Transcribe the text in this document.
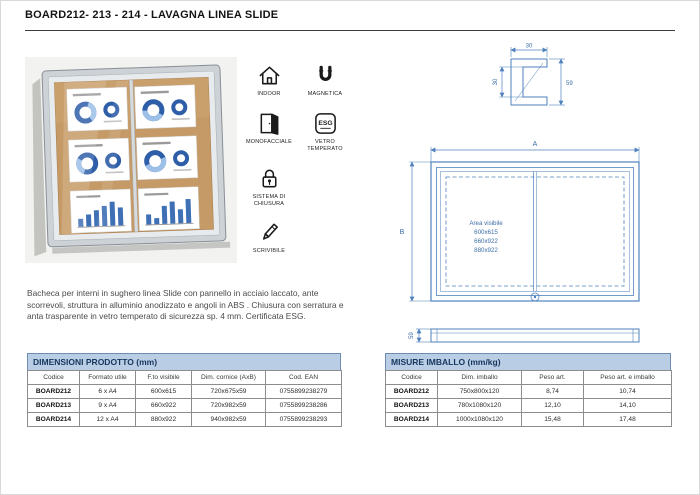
BOARD212- 213 - 214 - LAVAGNA LINEA SLIDE
INDOOR	MAGNETICA
MONOFACCIALE
ESG
VETRO TEMPERATO
SISTEMA DI CHIUSURA
SCRIVIBILE
30
59
30
A
Area visibile
600x615
660x922
880x922
B
59
Bacheca per interni in sughero linea Slide con pannello in acciaio laccato, ante scorrevoli, struttura in alluminio anodizzato e angoli in ABS . Chiusura con serratura e anta trasparente in vetro temperato di sicurezza sp. 4 mm. Certificata ESG.
DIMENSIONI PRODOTTO (mm)
Codice	Formato utile	F.to visibile	Dim. cornice (AxB)	Cod. EAN
BOARD212	6 x A4	600x615	720x675x59	0755899238279
BOARD213	9 x A4	660x922	720x982x59	0755899238286
BOARD214	12 x A4	880x922	940x982x59	0755899238293
MISURE IMBALLO (mm/kg)
Codice	Dim. imballo	Peso art.	Peso art. e imballo
BOARD212	750x800x120	8,74	10,74
BOARD213	780x1080x120	12,10	14,10
BOARD214	1000x1080x120	15,48	17,48
